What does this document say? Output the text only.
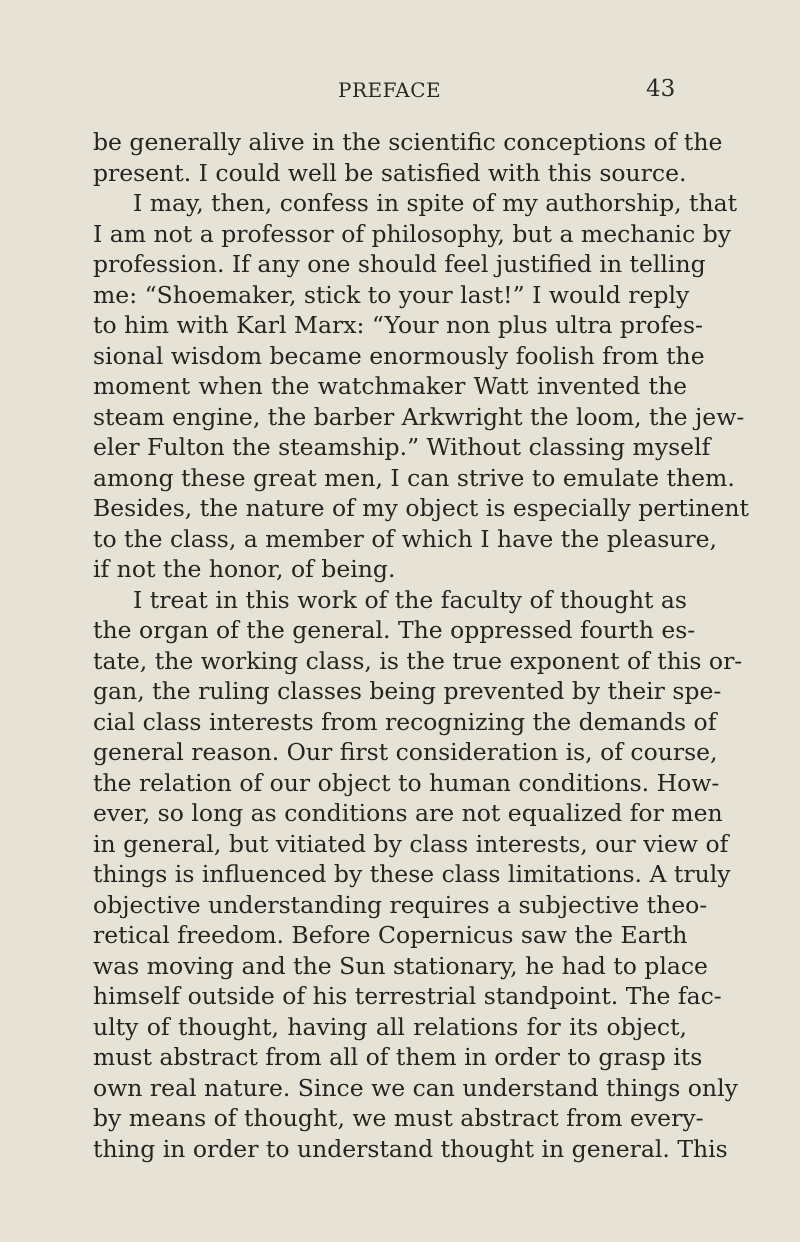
PREFACE	43
be generally alive in the scientific conceptions of the
present. I could well be satisfied with this source.
I may, then, confess in spite of my authorship, that
I am not a professor of philosophy, but a mechanic by
profession. If any one should feel justified in telling
me: “Shoemaker, stick to your last!” I would reply
to him with Karl Marx: “Your non plus ultra profes-
sional wisdom became enormously foolish from the
moment when the watchmaker Watt invented the
steam engine, the barber Arkwright the loom, the jew-
eler Fulton the steamship.” Without classing myself
among these great men, I can strive to emulate them.
Besides, the nature of my object is especially pertinent
to the class, a member of which I have the pleasure,
if not the honor, of being.
I treat in this work of the faculty of thought as
the organ of the general. The oppressed fourth es-
tate, the working class, is the true exponent of this or-
gan, the ruling classes being prevented by their spe-
cial class interests from recognizing the demands of
general reason. Our first consideration is, of course,
the relation of our object to human conditions. How-
ever, so long as conditions are not equalized for men
in general, but vitiated by class interests, our view of
things is influenced by these class limitations. A truly
objective understanding requires a subjective theo-
retical freedom. Before Copernicus saw the Earth
was moving and the Sun stationary, he had to place
himself outside of his terrestrial standpoint. The fac-
ulty of thought, having all relations for its object,
must abstract from all of them in order to grasp its
own real nature. Since we can understand things only
by means of thought, we must abstract from every-
thing in order to understand thought in general. This
